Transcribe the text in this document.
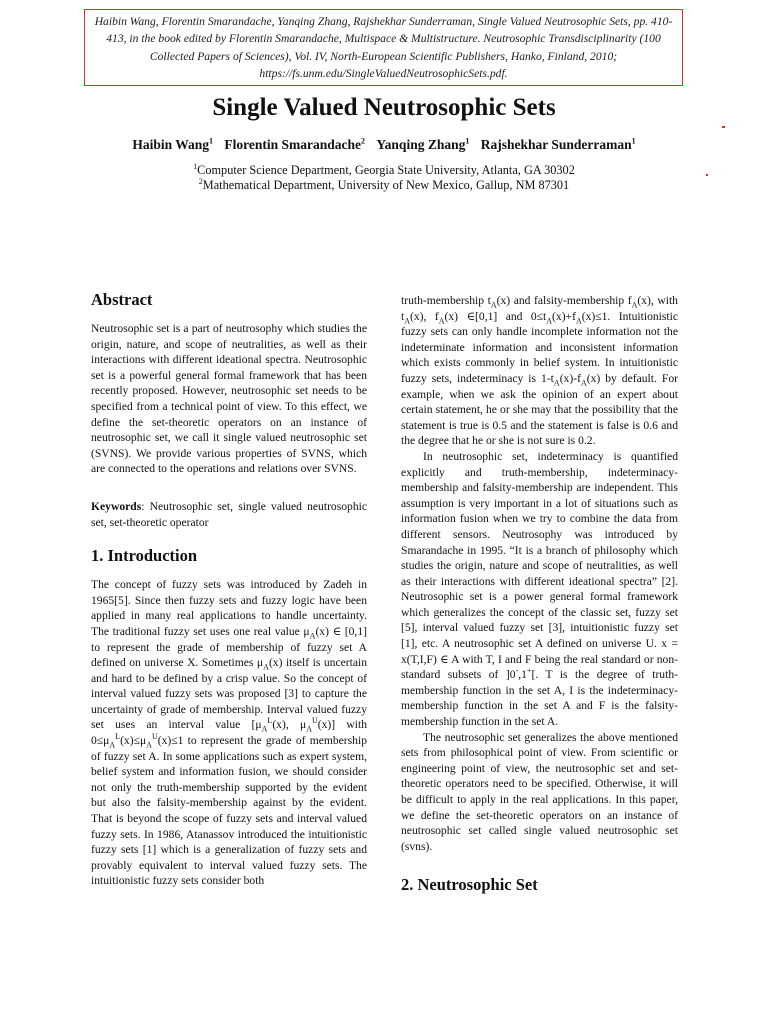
Haibin Wang, Florentin Smarandache, Yanqing Zhang, Rajshekhar Sunderraman, Single Valued Neutrosophic Sets, pp. 410-413, in the book edited by Florentin Smarandache, Multispace & Multistructure. Neutrosophic Transdisciplinarity (100 Collected Papers of Sciences), Vol. IV, North-European Scientific Publishers, Hanko, Finland, 2010; https://fs.unm.edu/SingleValuedNeutrosophicSets.pdf.
Single Valued Neutrosophic Sets
Haibin Wang$^1$ Florentin Smarandache$^2$ Yanqing Zhang$^1$ Rajshekhar Sunderraman$^1$
$^1$Computer Science Department, Georgia State University, Atlanta, GA 30302
$^2$Mathematical Department, University of New Mexico, Gallup, NM 87301
Abstract

Neutrosophic set is a part of neutrosophy which studies the origin, nature, and scope of neutralities, as well as their interactions with different ideational spectra. Neutrosophic set is a powerful general formal framework that has been recently proposed. However, neutrosophic set needs to be specified from a technical point of view. To this effect, we define the set-theoretic operators on an instance of neutrosophic set, we call it single valued neutrosophic set (SVNS). We provide various properties of SVNS, which are connected to the operations and relations over SVNS.

Keywords: Neutrosophic set, single valued neutrosophic set, set-theoretic operator

1. Introduction

The concept of fuzzy sets was introduced by Zadeh in 1965[5]. Since then fuzzy sets and fuzzy logic have been applied in many real applications to handle uncertainty. The traditional fuzzy set uses one real value $\mu_A(x)$ ∈ [0,1] to represent the grade of membership of fuzzy set A defined on universe X. Sometimes $\mu_A(x)$ itself is uncertain and hard to be defined by a crisp value. So the concept of interval valued fuzzy sets was proposed [3] to capture the uncertainty of grade of membership. Interval valued fuzzy set uses an interval value [$\mu_A^L(x)$, $\mu_A^U(x)$] with $0\le\mu_A^L(x)\le\mu_A^U(x)\le 1$ to represent the grade of membership of fuzzy set A. In some applications such as expert system, belief system and information fusion, we should consider not only the truth-membership supported by the evident but also the falsity-membership against by the evident. That is beyond the scope of fuzzy sets and interval valued fuzzy sets. In 1986, Atanassov introduced the intuitionistic fuzzy sets [1] which is a generalization of fuzzy sets and provably equivalent to interval valued fuzzy sets. The intuitionistic fuzzy sets consider both

truth-membership $t_A(x)$ and falsity-membership $f_A(x)$, with $t_A(x)$, $f_A(x)$ ∈[0,1] and $0\le t_A(x)+f_A(x)\le 1$. Intuitionistic fuzzy sets can only handle incomplete information not the indeterminate information and inconsistent information which exists commonly in belief system. In intuitionistic fuzzy sets, indeterminacy is $1-t_A(x)-f_A(x)$ by default. For example, when we ask the opinion of an expert about certain statement, he or she may that the possibility that the statement is true is 0.5 and the statement is false is 0.6 and the degree that he or she is not sure is 0.2.

In neutrosophic set, indeterminacy is quantified explicitly and truth-membership, indeterminacy-membership and falsity-membership are independent. This assumption is very important in a lot of situations such as information fusion when we try to combine the data from different sensors. Neutrosophy was introduced by Smarandache in 1995. “It is a branch of philosophy which studies the origin, nature and scope of neutralities, as well as their interactions with different ideational spectra” [2]. Neutrosophic set is a power general formal framework which generalizes the concept of the classic set, fuzzy set [5], interval valued fuzzy set [3], intuitionistic fuzzy set [1], etc. A neutrosophic set A defined on universe U. x = x(T,I,F) ∈ A with T, I and F being the real standard or non-standard subsets of ]0-,1+[. T is the degree of truth-membership function in the set A, I is the indeterminacy-membership function in the set A and F is the falsity-membership function in the set A.

The neutrosophic set generalizes the above mentioned sets from philosophical point of view. From scientific or engineering point of view, the neutrosophic set and set-theoretic operators need to be specified. Otherwise, it will be difficult to apply in the real applications. In this paper, we define the set-theoretic operators on an instance of neutrosophic set called single valued neutrosophic set (svns).

2. Neutrosophic Set
